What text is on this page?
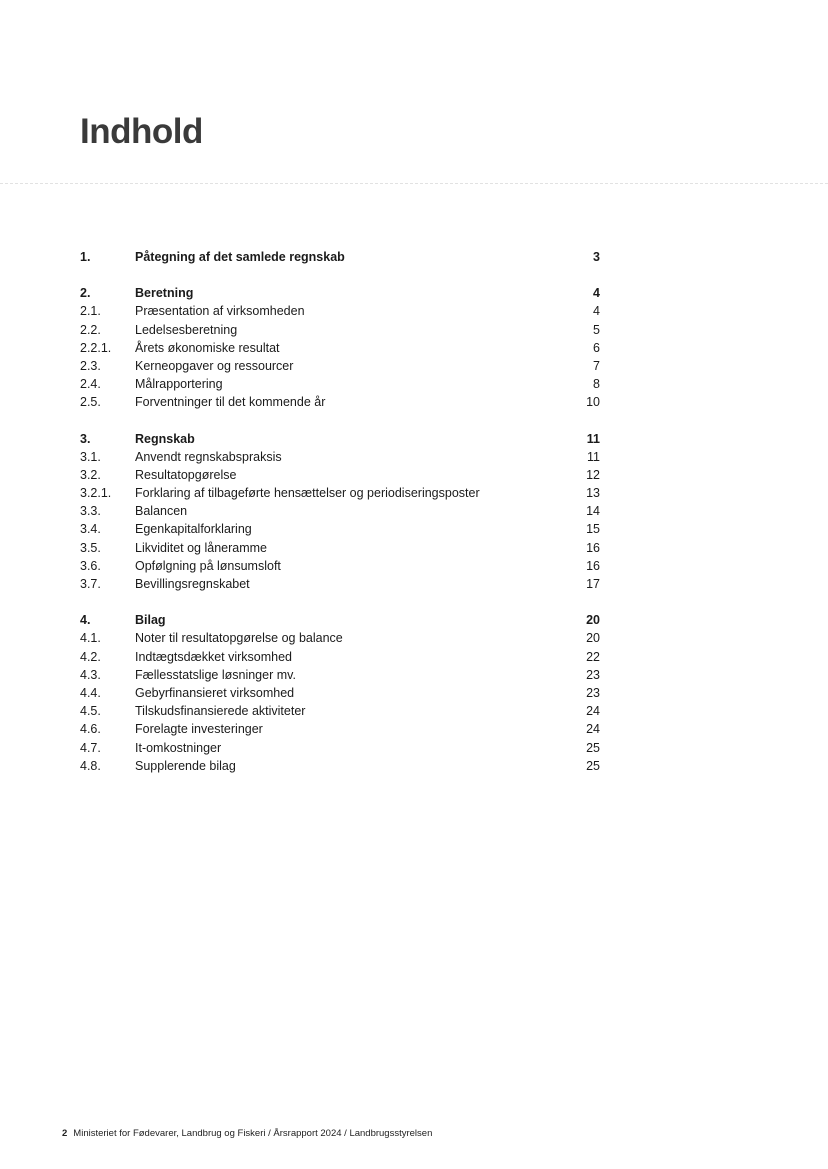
Indhold
1.	Påtegning af det samlede regnskab	3
2.	Beretning	4
2.1.	Præsentation af virksomheden	4
2.2.	Ledelsesberetning	5
2.2.1. Årets økonomiske resultat	6
2.3.	Kerneopgaver og ressourcer	7
2.4.	Målrapportering	8
2.5.	Forventninger til det kommende år	10
3.	Regnskab	11
3.1.	Anvendt regnskabspraksis	11
3.2.	Resultatopgørelse	12
3.2.1. Forklaring af tilbageførte hensættelser og periodiseringsposter	13
3.3.	Balancen	14
3.4.	Egenkapitalforklaring	15
3.5.	Likviditet og låneramme	16
3.6.	Opfølgning på lønsumsloft	16
3.7.	Bevillingsregnskabet	17
4.	Bilag	20
4.1.	Noter til resultatopgørelse og balance	20
4.2.	Indtægtsdækket virksomhed	22
4.3.	Fællesstatslige løsninger mv.	23
4.4.	Gebyrfinansieret virksomhed	23
4.5.	Tilskudsfinansierede aktiviteter	24
4.6.	Forelagte investeringer	24
4.7.	It-omkostninger	25
4.8.	Supplerende bilag	25
2 Ministeriet for Fødevarer, Landbrug og Fiskeri / Årsrapport 2024 / Landbrugsstyrelsen
